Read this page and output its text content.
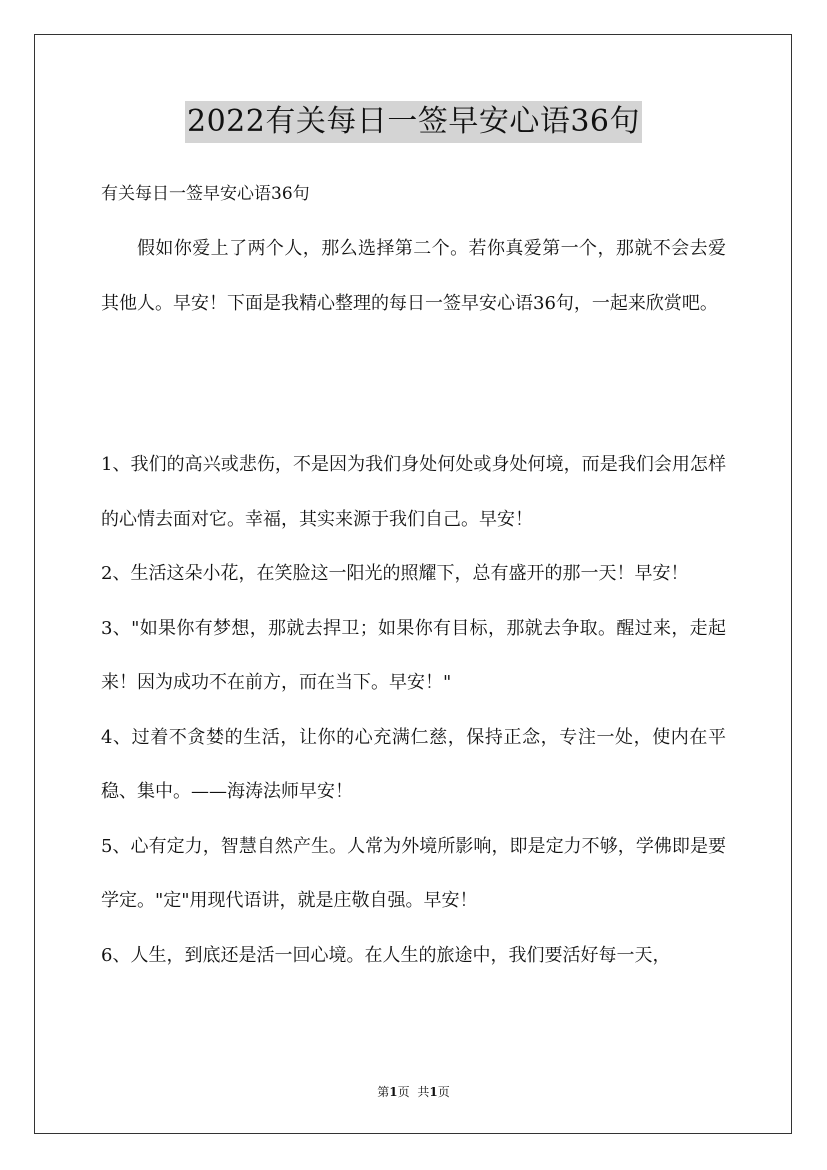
2022有关每日一签早安心语36句
有关每日一签早安心语36句

假如你爱上了两个人，那么选择第二个。若你真爱第一个，那就不会去爱其他人。早安！下面是我精心整理的每日一签早安心语36句，一起来欣赏吧。

1、我们的高兴或悲伤，不是因为我们身处何处或身处何境，而是我们会用怎样的心情去面对它。幸福，其实来源于我们自己。早安！

2、生活这朵小花，在笑脸这一阳光的照耀下，总有盛开的那一天！早安！

3、"如果你有梦想，那就去捍卫；如果你有目标，那就去争取。醒过来，走起来！因为成功不在前方，而在当下。早安！"

4、过着不贪婪的生活，让你的心充满仁慈，保持正念，专注一处，使内在平稳、集中。——海涛法师早安！

5、心有定力，智慧自然产生。人常为外境所影响，即是定力不够，学佛即是要学定。"定"用现代语讲，就是庄敬自强。早安！

6、人生，到底还是活一回心境。在人生的旅途中，我们要活好每一天，

第1页 共1页
